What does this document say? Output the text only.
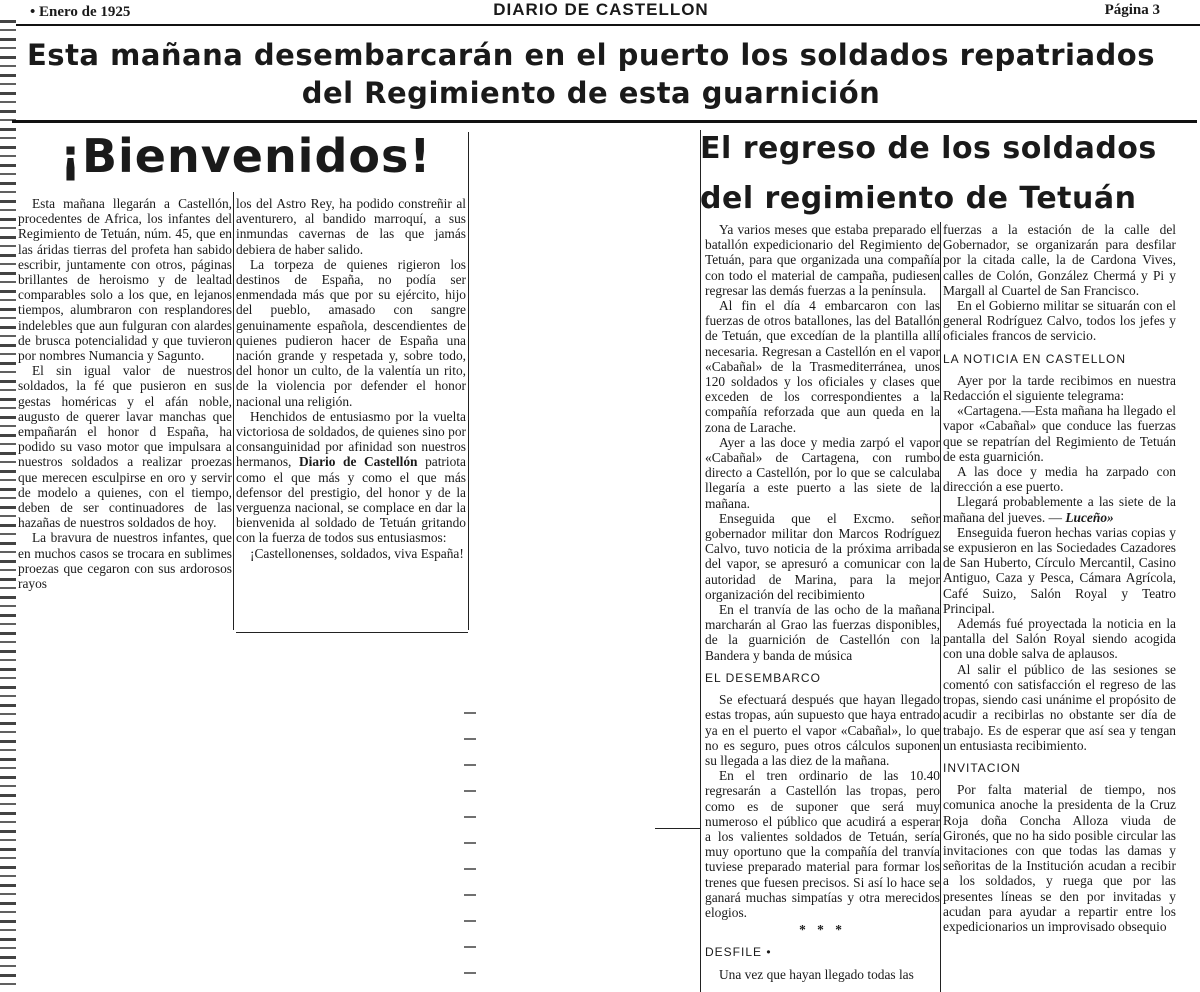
• Enero de 1925	DIARIO DE CASTELLON	Página 3
Esta mañana desembarcarán en el puerto los soldados repatriados del Regimiento de esta guarnición
¡Bienvenidos!

Esta mañana llegarán a Castellón, procedentes de Africa, los infantes del Regimiento de Tetuán, núm. 45, que en las áridas tierras del profeta han sabido escribir, juntamente con otros, páginas brillantes de heroismo y de lealtad comparables solo a los que, en lejanos tiempos, alumbraron con resplandores indelebles que aun fulguran con alardes de brusca potencialidad y que tuvieron por nombres Numancia y Sagunto.

El sin igual valor de nuestros soldados, la fé que pusieron en sus gestas homéricas y el afán noble, augusto de querer lavar manchas que empañarán el honor d España, ha podido su vaso motor que impulsara a nuestros soldados a realizar proezas que merecen esculpirse en oro y servir de modelo a quienes, con el tiempo, deben de ser continuadores de las hazañas de nuestros soldados de hoy.

La bravura de nuestros infantes, que en muchos casos se trocara en sublimes proezas que cegaron con sus ardorosos rayos

los del Astro Rey, ha podido constreñir al aventurero, al bandido marroquí, a sus inmundas cavernas de las que jamás debiera de haber salido.

La torpeza de quienes rigieron los destinos de España, no podía ser enmendada más que por su ejército, hijo del pueblo, amasado con sangre genuinamente española, descendientes de quienes pudieron hacer de España una nación grande y respetada y, sobre todo, del honor un culto, de la valentía un rito, de la violencia por defender el honor nacional una religión.

Henchidos de entusiasmo por la vuelta victoriosa de soldados, de quienes sino por consanguinidad por afinidad son nuestros hermanos, Diario de Castellón patriota como el que más y como el que más defensor del prestigio, del honor y de la verguenza nacional, se complace en dar la bienvenida al soldado de Tetuán gritando con la fuerza de todos sus entusiasmos:

¡Castellonenses, soldados, viva España!

El regreso de los soldados del regimiento de Tetuán

Ya varios meses que estaba preparado el batallón expedicionario del Regimiento de Tetuán, para que organizada una compañía con todo el material de campaña, pudiesen regresar las demás fuerzas a la península.

Al fin el día 4 embarcaron con las fuerzas de otros batallones, las del Batallón de Tetuán, que excedían de la plantilla allí necesaria. Regresan a Castellón en el vapor «Cabañal» de la Trasmediterránea, unos 120 soldados y los oficiales y clases que exceden de los correspondientes a la compañía reforzada que aun queda en la zona de Larache.

Ayer a las doce y media zarpó el vapor «Cabañal» de Cartagena, con rumbo directo a Castellón, por lo que se calculaba llegaría a este puerto a las siete de la mañana.

Enseguida que el Excmo. señor gobernador militar don Marcos Rodríguez Calvo, tuvo noticia de la próxima arribada del vapor, se apresuró a comunicar con la autoridad de Marina, para la mejor organización del recibimiento

En el tranvía de las ocho de la mañana marcharán al Grao las fuerzas disponibles, de la guarnición de Castellón con la Bandera y banda de música

EL DESEMBARCO

Se efectuará después que hayan llegado estas tropas, aún supuesto que haya entrado ya en el puerto el vapor «Cabañal», lo que no es seguro, pues otros cálculos suponen su llegada a las diez de la mañana.

En el tren ordinario de las 10.40 regresarán a Castellón las tropas, pero como es de suponer que será muy numeroso el público que acudirá a esperar a los valientes soldados de Tetuán, sería muy oportuno que la compañía del tranvía tuviese preparado material para formar los trenes que fuesen precisos. Si así lo hace se ganará muchas simpatías y otra merecidos elogios.

* * *

DESFILE •

Una vez que hayan llegado todas las

fuerzas a la estación de la calle del Gobernador, se organizarán para desfilar por la citada calle, la de Cardona Vives, calles de Colón, González Chermá y Pi y Margall al Cuartel de San Francisco.

En el Gobierno militar se situarán con el general Rodríguez Calvo, todos los jefes y oficiales francos de servicio.

LA NOTICIA EN CASTELLON

Ayer por la tarde recibimos en nuestra Redacción el siguiente telegrama:

«Cartagena.—Esta mañana ha llegado el vapor «Cabañal» que conduce las fuerzas que se repatrían del Regimiento de Tetuán de esta guarnición.

A las doce y media ha zarpado con dirección a ese puerto.

Llegará probablemente a las siete de la mañana del jueves. — Luceño»

Enseguida fueron hechas varias copias y se expusieron en las Sociedades Cazadores de San Huberto, Círculo Mercantil, Casino Antiguo, Caza y Pesca, Cámara Agrícola, Café Suizo, Salón Royal y Teatro Principal.

Además fué proyectada la noticia en la pantalla del Salón Royal siendo acogida con una doble salva de aplausos.

Al salir el público de las sesiones se comentó con satisfacción el regreso de las tropas, siendo casi unánime el propósito de acudir a recibirlas no obstante ser día de trabajo. Es de esperar que así sea y tengan un entusiasta recibimiento.

INVITACION

Por falta material de tiempo, nos comunica anoche la presidenta de la Cruz Roja doña Concha Alloza viuda de Gironés, que no ha sido posible circular las invitaciones con que todas las damas y señoritas de la Institución acudan a recibir a los soldados, y ruega que por las presentes líneas se den por invitadas y acudan para ayudar a repartir entre los expedicionarios un improvisado obsequio
